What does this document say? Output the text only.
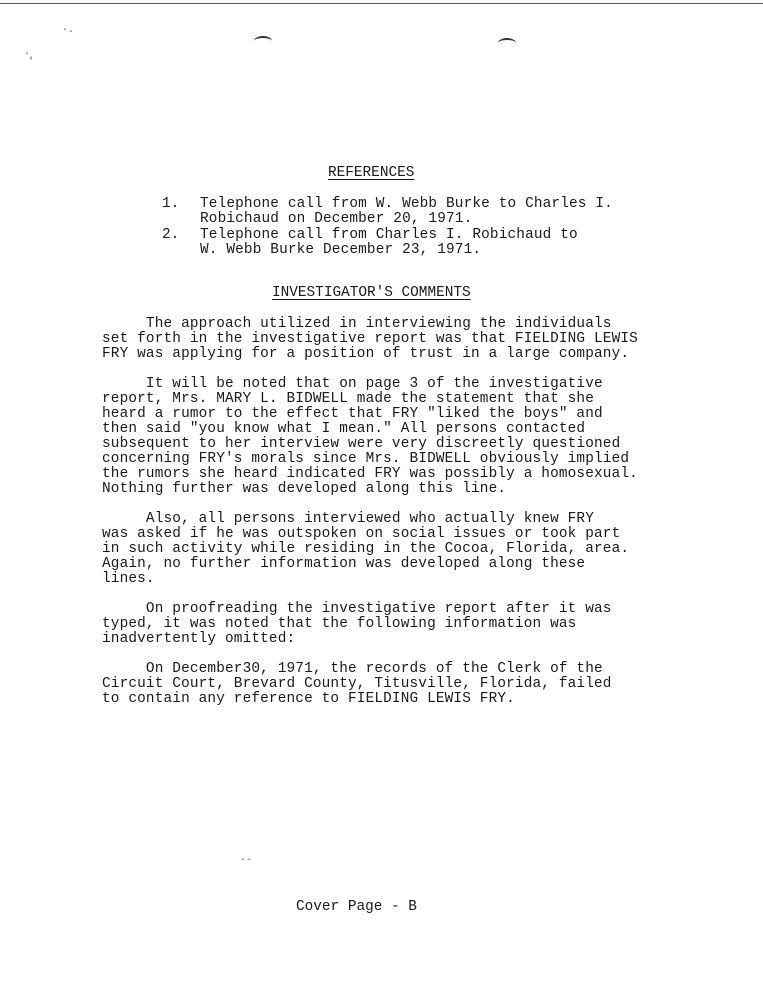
·.
.
'
REFERENCES
1. Telephone call from W. Webb Burke to Charles I.
Robichaud on December 20, 1971.
2. Telephone call from Charles I. Robichaud to
W. Webb Burke December 23, 1971.
INVESTIGATOR'S COMMENTS
The approach utilized in interviewing the individuals
set forth in the investigative report was that FIELDING LEWIS
FRY was applying for a position of trust in a large company.
It will be noted that on page 3 of the investigative
report, Mrs. MARY L. BIDWELL made the statement that she
heard a rumor to the effect that FRY "liked the boys" and
then said "you know what I mean." All persons contacted
subsequent to her interview were very discreetly questioned
concerning FRY's morals since Mrs. BIDWELL obviously implied
the rumors she heard indicated FRY was possibly a homosexual.
Nothing further was developed along this line.
Also, all persons interviewed who actually knew FRY
was asked if he was outspoken on social issues or took part
in such activity while residing in the Cocoa, Florida, area.
Again, no further information was developed along these
lines.
On proofreading the investigative report after it was
typed, it was noted that the following information was
inadvertently omitted:
On December30, 1971, the records of the Clerk of the
Circuit Court, Brevard County, Titusville, Florida, failed
to contain any reference to FIELDING LEWIS FRY.
·-
Cover Page - B
